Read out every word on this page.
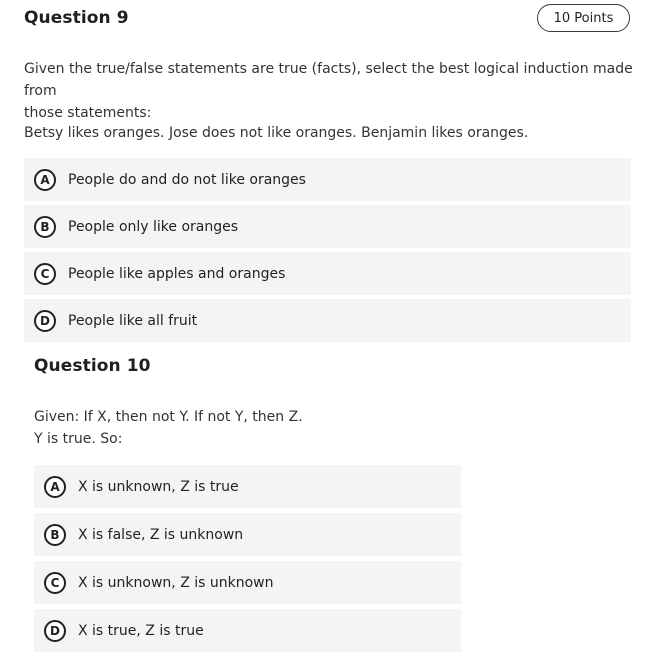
Question 9	10 Points

Given the true/false statements are true (facts), select the best logical induction made from
those statements:

Betsy likes oranges. Jose does not like oranges. Benjamin likes oranges.

A	People do and do not like oranges
B	People only like oranges
C	People like apples and oranges
D	People like all fruit
Question 10

Given: If X, then not Y. If not Y, then Z.
Y is true. So:

A	X is unknown, Z is true
B	X is false, Z is unknown
C	X is unknown, Z is unknown
D	X is true, Z is true
